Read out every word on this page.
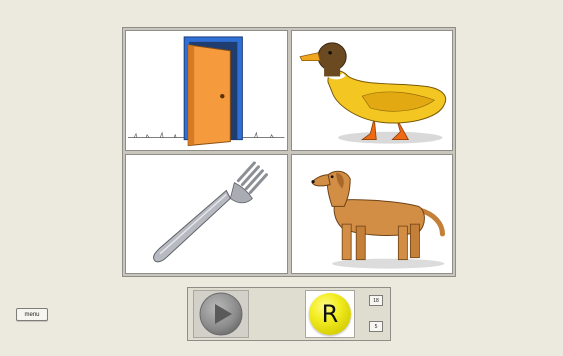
menu	R	18
5
